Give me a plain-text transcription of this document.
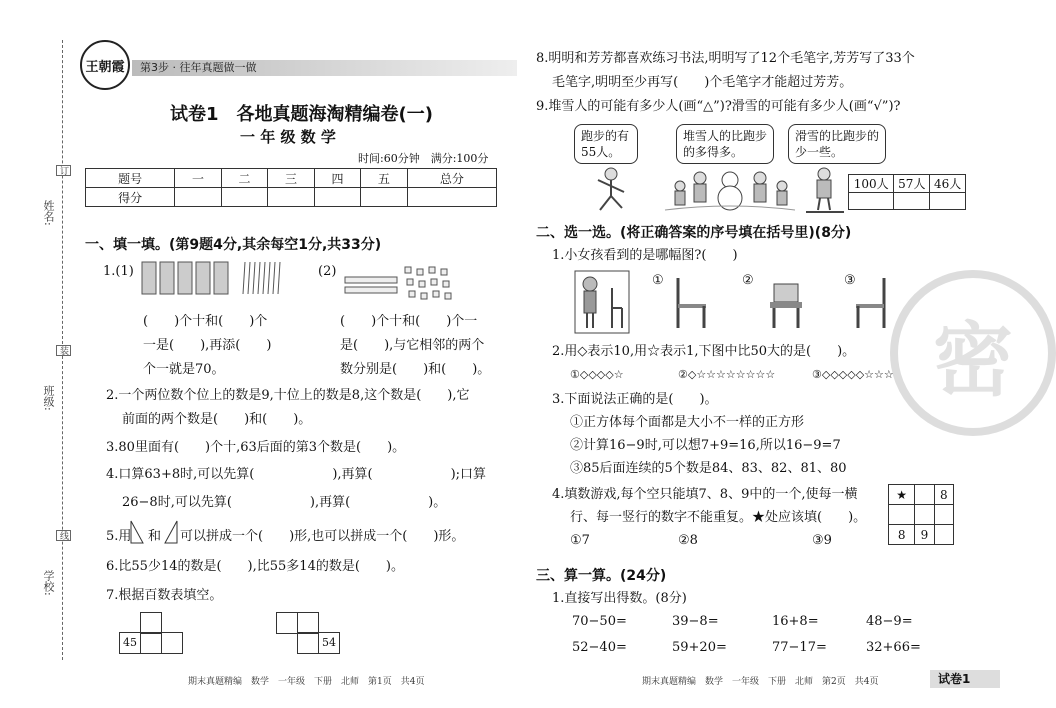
姓名:
班级:
学校:
订
装
线
王朝霞	第3步 · 往年真题做一做
试卷1　各地真题海淘精编卷(一)
一 年 级 数 学
时间:60分钟　满分:100分
题号	一	二	三	四	五	总分
得分						
一、填一填。(第9题4分,其余每空1分,共33分)
1.(1)	(2)
(　　)个十和(　　)个
一是(　　),再添(　　)
个一就是70。
(　　)个十和(　　)个一
是(　　),与它相邻的两个
数分别是(　　)和(　　)。
2.一个两位数个位上的数是9,十位上的数是8,这个数是(　　),它
前面的两个数是(　　)和(　　)。
3.80里面有(　　)个十,63后面的第3个数是(　　)。
4.口算63+8时,可以先算(　　　　　　),再算(　　　　　　);口算
26−8时,可以先算(　　　　　　),再算(　　　　　　)。
5.用 和 可以拼成一个(　　)形,也可以拼成一个(　　)形。
6.比55少14的数是(　　),比55多14的数是(　　)。
7.根据百数表填空。
45	54
期末真题精编　数学　一年级　下册　北师　第1页　共4页
密
8.明明和芳芳都喜欢练习书法,明明写了12个毛笔字,芳芳写了33个
毛笔字,明明至少再写(　　)个毛笔字才能超过芳芳。
9.堆雪人的可能有多少人(画“△”)?滑雪的可能有多少人(画“√”)?
跑步的有55人。
堆雪人的比跑步的多得多。
滑雪的比跑步的少一些。
100人	57人	46人

二、选一选。(将正确答案的序号填在括号里)(8分)
1.小女孩看到的是哪幅图?(　　)
①	②	③
2.用◇表示10,用☆表示1,下图中比50大的是(　　)。
①◇◇◇◇☆	②◇☆☆☆☆☆☆☆☆	③◇◇◇◇◇☆☆☆
3.下面说法正确的是(　　)。
①正方体每个面都是大小不一样的正方形
②计算16−9时,可以想7+9=16,所以16−9=7
③85后面连续的5个数是84、83、82、81、80
4.填数游戏,每个空只能填7、8、9中的一个,使每一横
行、每一竖行的数字不能重复。★处应该填(　　)。
①7	②8	③9
★		8

8	9	
三、算一算。(24分)
1.直接写出得数。(8分)
70−50=	39−8=	16+8=	48−9=
52−40=	59+20=	77−17=	32+66=
期末真题精编　数学　一年级　下册　北师　第2页　共4页	试卷1
